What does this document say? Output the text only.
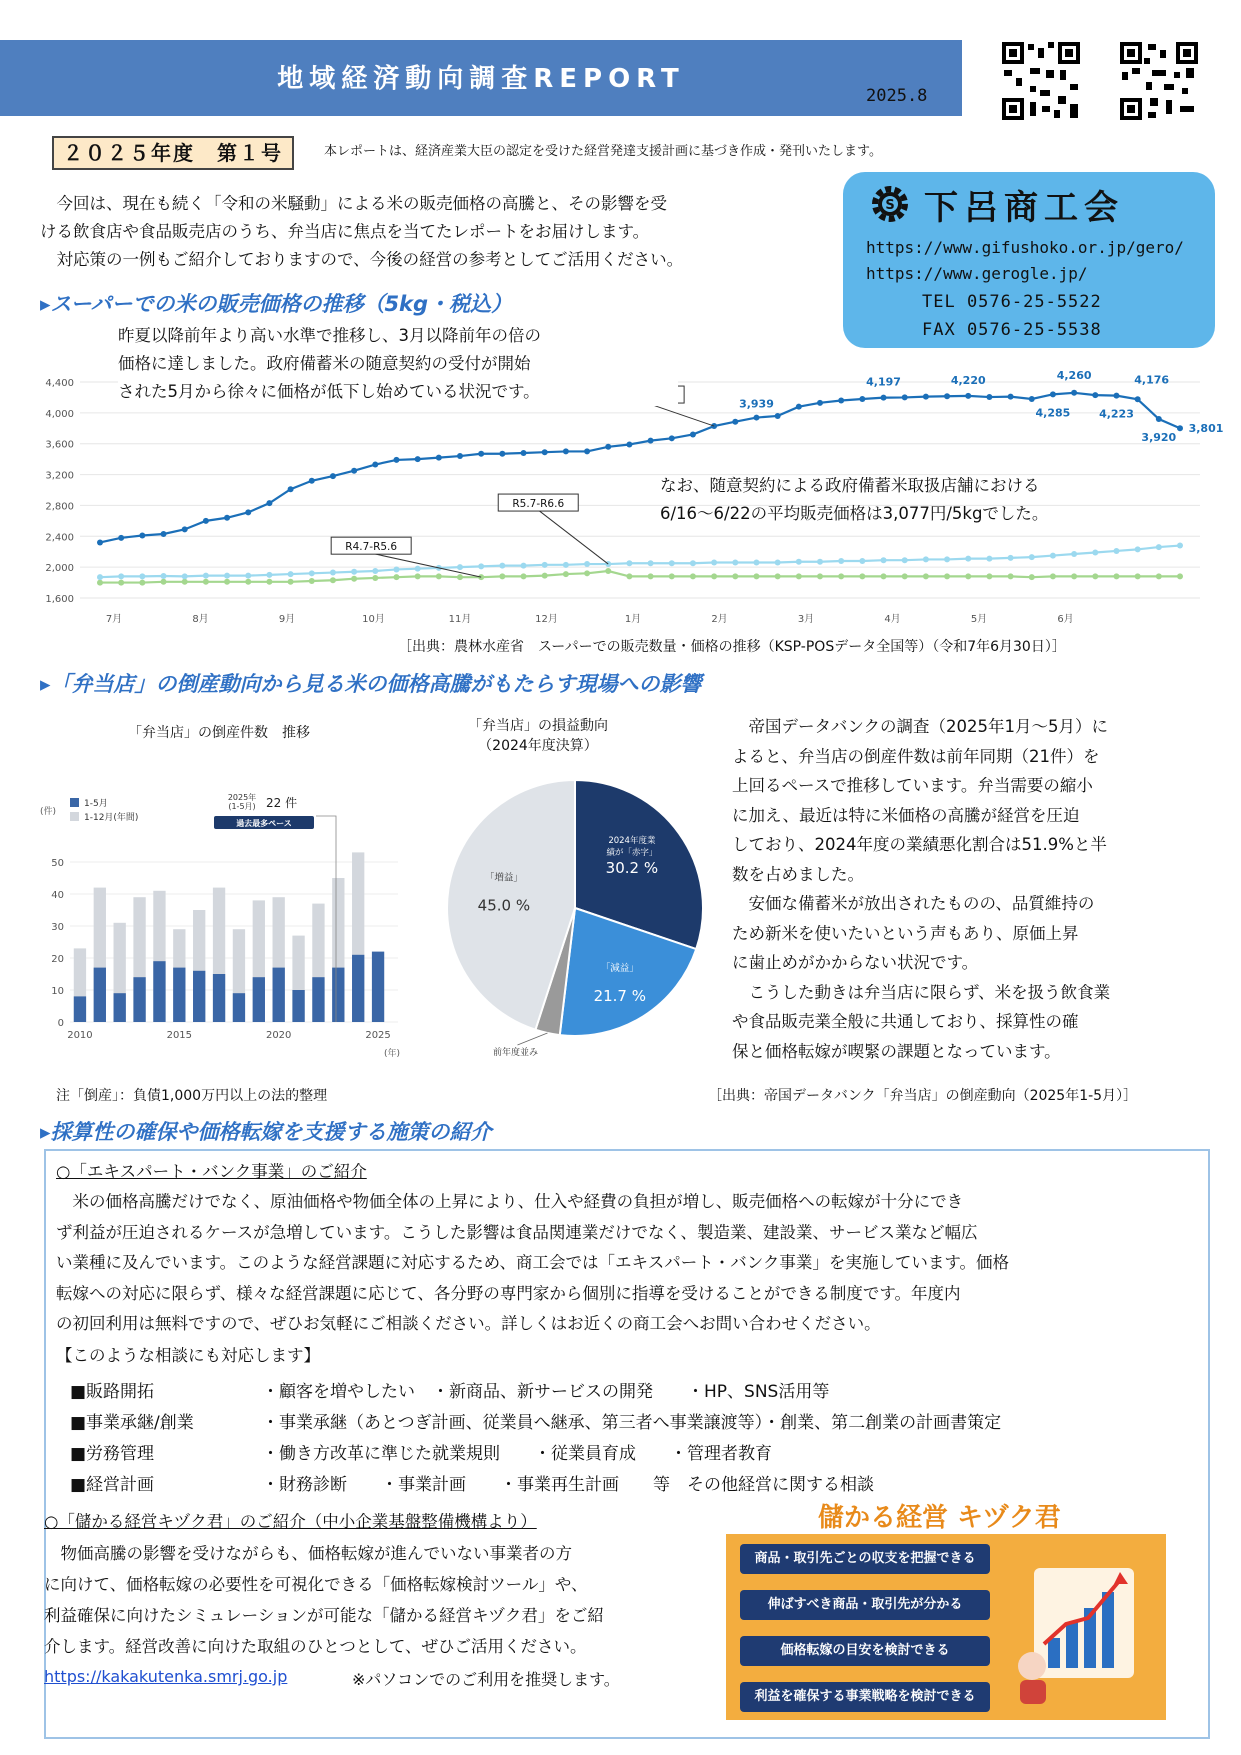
地域経済動向調査REPORT
2025.8
２０２５年度　第１号	本レポートは、経済産業大臣の認定を受けた経営発達支援計画に基づき作成・発刊いたします。
　今回は、現在も続く「令和の米騒動」による米の販売価格の高騰と、その影響を受
ける飲食店や食品販売店のうち、弁当店に焦点を当てたレポートをお届けします。
　対応策の一例もご紹介しておりますので、今後の経営の参考としてご活用ください。
S 下呂商工会
https://www.gifushoko.or.jp/gero/
https://www.gerogle.jp/
TEL 0576-25-5522
FAX 0576-25-5538
▸スーパーでの米の販売価格の推移（5kg・税込）
1,600
2,000
2,400
2,800
3,200
3,600
4,000
4,400
7月	8月	9月	10月	11月	12月	1月	2月	3月	4月	5月	6月
R5.7-R6.6
R4.7-R5.6
3,939
4,197	4,220	4,260
4,285	4,223
4,176
3,920
3,801
昨夏以降前年より高い水準で推移し、3月以降前年の倍の
価格に達しました。政府備蓄米の随意契約の受付が開始
された5月から徐々に価格が低下し始めている状況です。
なお、随意契約による政府備蓄米取扱店舗における
6/16〜6/22の平均販売価格は3,077円/5kgでした。
［出典：農林水産省　スーパーでの販売数量・価格の推移（KSP-POSデータ全国等）（令和7年6月30日）］
▸「弁当店」の倒産動向から見る米の価格高騰がもたらす現場への影響
「弁当店」の倒産件数　推移	「弁当店」の損益動向
（2024年度決算）
0
10
20
30
40
50
(件)
(年)
2010	2015	2020	2025
1-5月
1-12月(年間)
2025年
(1-5月) 22 件
過去最多ペース
2024年度業
績が「赤字」
30.2 %
「減益」
21.7 %
「増益」
45.0 %
前年度並み
　帝国データバンクの調査（2025年1月〜5月）に
よると、弁当店の倒産件数は前年同期（21件）を
上回るペースで推移しています。弁当需要の縮小
に加え、最近は特に米価格の高騰が経営を圧迫
しており、2024年度の業績悪化割合は51.9%と半
数を占めました。
　安価な備蓄米が放出されたものの、品質維持の
ため新米を使いたいという声もあり、原価上昇
に歯止めがかからない状況です。
　こうした動きは弁当店に限らず、米を扱う飲食業
や食品販売業全般に共通しており、採算性の確
保と価格転嫁が喫緊の課題となっています。
注「倒産」：負債1,000万円以上の法的整理	［出典：帝国データバンク「弁当店」の倒産動向（2025年1-5月）］
▸採算性の確保や価格転嫁を支援する施策の紹介
○「エキスパート・バンク事業」のご紹介
　米の価格高騰だけでなく、原油価格や物価全体の上昇により、仕入や経費の負担が増し、販売価格への転嫁が十分にでき
ず利益が圧迫されるケースが急増しています。こうした影響は食品関連業だけでなく、製造業、建設業、サービス業など幅広
い業種に及んでいます。このような経営課題に対応するため、商工会では「エキスパート・バンク事業」を実施しています。価格
転嫁への対応に限らず、様々な経営課題に応じて、各分野の専門家から個別に指導を受けることができる制度です。年度内
の初回利用は無料ですので、ぜひお気軽にご相談ください。詳しくはお近くの商工会へお問い合わせください。
【このような相談にも対応します】
■販路開拓	・顧客を増やしたい　・新商品、新サービスの開発　　・HP、SNS活用等
■事業承継/創業	・事業承継（あとつぎ計画、従業員へ継承、第三者へ事業譲渡等）・創業、第二創業の計画書策定
■労務管理	・働き方改革に準じた就業規則　　・従業員育成　　・管理者教育
■経営計画	・財務診断　　・事業計画　　・事業再生計画　　等　その他経営に関する相談
○「儲かる経営キヅク君」のご紹介（中小企業基盤整備機構より）
　物価高騰の影響を受けながらも、価格転嫁が進んでいない事業者の方
に向けて、価格転嫁の必要性を可視化できる「価格転嫁検討ツール」や、
利益確保に向けたシミュレーションが可能な「儲かる経営キヅク君」をご紹
介します。経営改善に向けた取組のひとつとして、ぜひご活用ください。
https://kakakutenka.smrj.go.jp	※パソコンでのご利用を推奨します。
儲かる経営 キヅク君
商品・取引先ごとの収支を把握できる
伸ばすべき商品・取引先が分かる
価格転嫁の目安を検討できる
利益を確保する事業戦略を検討できる
